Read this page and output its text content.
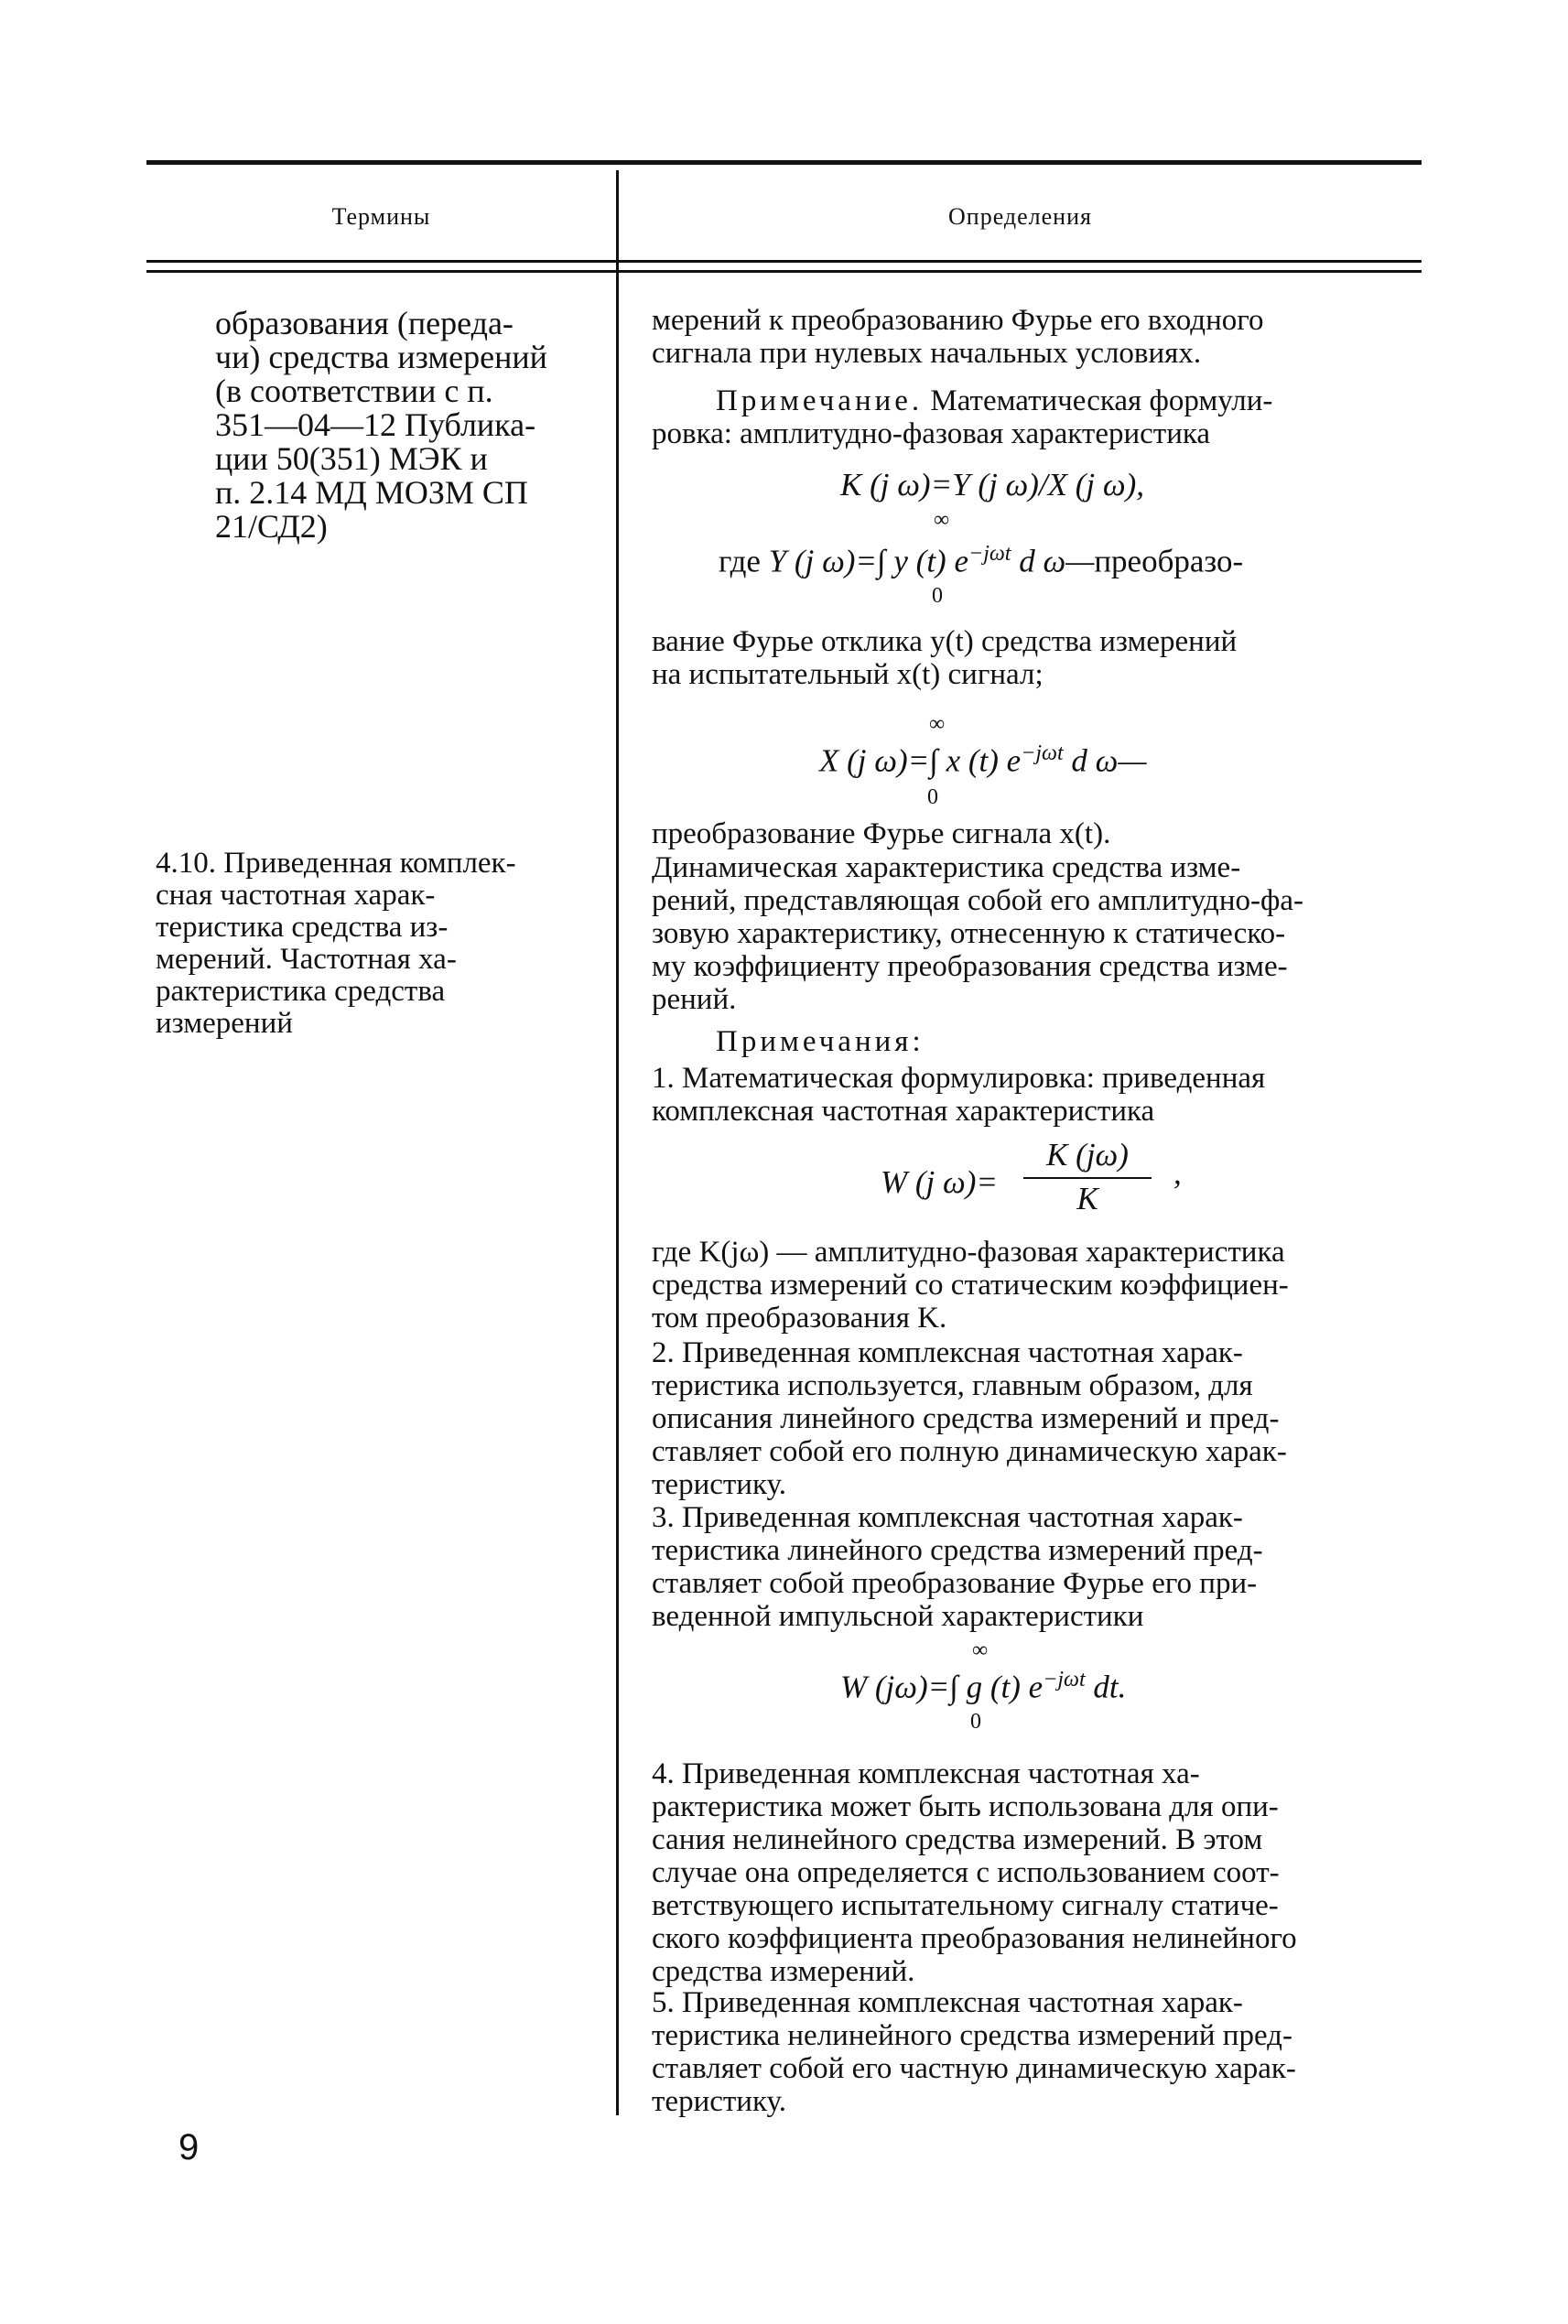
Термины	Определения
образования (переда-
чи) средства измерений
(в соответствии с п.
351—04—12 Публика-
ции 50(351) МЭК и
п. 2.14 МД МОЗМ СП
21/СД2)
4.10. Приведенная комплек-
сная частотная харак-
теристика средства из-
мерений. Частотная ха-
рактеристика средства
измерений
мерений к преобразованию Фурье его входного
сигнала при нулевых начальных условиях.
Примечание. Математическая формули-
ровка: амплитудно-фазовая характеристика
K (j ω)=Y (j ω)/X (j ω),
∞
0
где Y (j ω)=∫ y (t) $e^{-j\omega t}$ d ω—преобразо-
вание Фурье отклика y(t) средства измерений
на испытательный x(t) сигнал;
∞
0
X (j ω)=∫ x (t) $e^{-j\omega t}$ d ω—
преобразование Фурье сигнала x(t).
Динамическая характеристика средства изме-
рений, представляющая собой его амплитудно-фа-
зовую характеристику, отнесенную к статическо-
му коэффициенту преобразования средства изме-
рений.
Примечания:
1. Математическая формулировка: приведенная
комплексная частотная характеристика
W (j $\omega)= \frac{K (j\omega)}{K}$ ,
где K(jω) — амплитудно-фазовая характеристика
средства измерений со статическим коэффициен-
том преобразования K.
2. Приведенная комплексная частотная харак-
теристика используется, главным образом, для
описания линейного средства измерений и пред-
ставляет собой его полную динамическую харак-
теристику.
3. Приведенная комплексная частотная харак-
теристика линейного средства измерений пред-
ставляет собой преобразование Фурье его при-
веденной импульсной характеристики
∞
0
W (jω)=∫ g (t) $e^{-j\omega t}$ dt.
4. Приведенная комплексная частотная ха-
рактеристика может быть использована для опи-
сания нелинейного средства измерений. В этом
случае она определяется с использованием соот-
ветствующего испытательному сигналу статиче-
ского коэффициента преобразования нелинейного
средства измерений.
5. Приведенная комплексная частотная харак-
теристика нелинейного средства измерений пред-
ставляет собой его частную динамическую харак-
теристику.
9
